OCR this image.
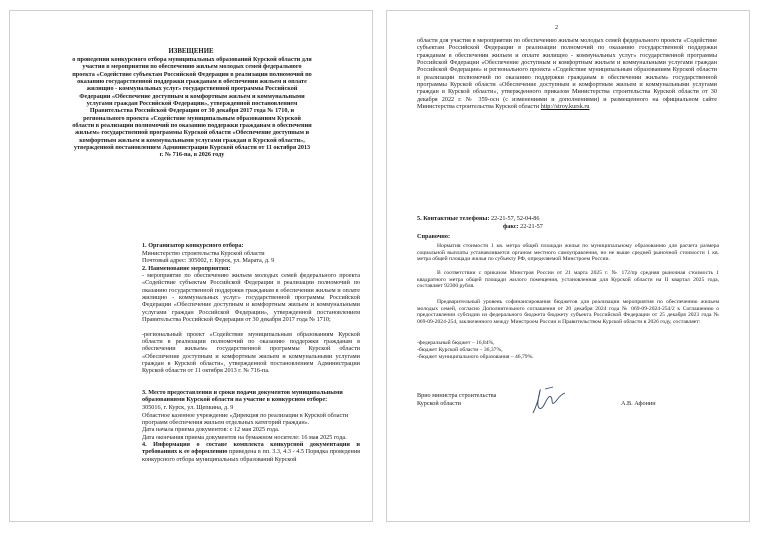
ИЗВЕЩЕНИЕ
о проведении конкурсного отбора муниципальных образований Курской области для участия в мероприятии по обеспечению жильем молодых семей федерального проекта «Содействие субъектам Российской Федерации в реализации полномочий по оказанию государственной поддержки гражданам в обеспечении жильем и оплате жилищно - коммунальных услуг» государственной программы Российской Федерации «Обеспечение доступным и комфортным жильем и коммунальными услугами граждан Российской Федерации», утвержденной постановлением Правительства Российской Федерации от 30 декабря 2017 года № 1710, и регионального проекта «Содействие муниципальным образованиям Курской области в реализации полномочий по оказанию поддержки гражданам в обеспечении жильем» государственной программы Курской области «Обеспечение доступным и комфортным жильем и коммунальными услугами граждан в Курской области», утвержденной постановлением Администрации Курской области от 11 октября 2013 г. № 716-па, в 2026 году
1. Организатор конкурсного отбора:
Министерство строительства Курской области
Почтовый адрес: 305002, г. Курск, ул. Марата, д. 9
2. Наименование мероприятия:
- мероприятие по обеспечению жильем молодых семей федерального проекта «Содействие субъектам Российской Федерации в реализации полномочий по оказанию государственной поддержки гражданам в обеспечении жильем и оплате жилищно - коммунальных услуг» государственной программы Российской Федерации «Обеспечение доступным и комфортным жильем и коммунальными услугами граждан Российской Федерации», утвержденной постановлением Правительства Российской Федерации от 30 декабря 2017 года № 1710;
-региональный проект «Содействие муниципальным образованиям Курской области в реализации полномочий по оказанию поддержки гражданам в обеспечении жильем» государственной программы Курской области «Обеспечение доступным и комфортным жильем и коммунальными услугами граждан в Курской области», утвержденной постановлением Администрации Курской области от 11 октября 2013 г. № 716-па.
3. Место предоставления и сроки подачи документов муниципальными образованиями Курской области на участие в конкурсном отборе:
305016, г. Курск, ул. Щепкина, д. 9
Областное казенное учреждение «Дирекция по реализации в Курской области программ обеспечения жильем отдельных категорий граждан».
Дата начала приема документов: с 12 мая 2025 года.
Дата окончания приема документов на бумажном носителе: 16 мая 2025 года.
4. Информация о составе комплекта конкурсной документации и требованиях к ее оформлению приведена в пп. 3.3, 4.3 - 4.5 Порядка проведения конкурсного отбора муниципальных образований Курской
2
области для участия в мероприятии по обеспечению жильем молодых семей федерального проекта «Содействие субъектам Российской Федерации в реализации полномочий по оказанию государственной поддержки гражданам в обеспечении жильем и оплате жилищно - коммунальных услуг» государственной программы Российской Федерации «Обеспечение доступным и комфортным жильем и коммунальными услугами граждан Российской Федерации» и регионального проекта «Содействие муниципальным образованиям Курской области в реализации полномочий по оказанию поддержки гражданам в обеспечении жильем» государственной программы Курской области «Обеспечение доступным и комфортным жильем и коммунальными услугами граждан в Курской области», утвержденного приказом Министерства строительства Курской области от 30 декабря 2022 г. № 359-осн (с изменениями и дополнениями) и размещенного на официальном сайте Министерства строительства Курской области http://stroy.kursk.ru
5. Контактные телефоны: 22-21-57, 52-04-86
факс: 22-21-57
Справочно:
Норматив стоимости 1 кв. метра общей площади жилья по муниципальному образованию для расчета размера социальной выплаты устанавливается органом местного самоуправления, но не выше средней рыночной стоимости 1 кв. метра общей площади жилья по субъекту РФ, определяемой Минстроем России.
В соответствии с приказом Минстроя России от 21 марта 2025 г. № 172/пр средняя рыночная стоимость 1 квадратного метра общей площади жилого помещения, установленная для Курской области на II квартал 2025 года, составляет 92300 рубля.
Предварительный уровень софинансирования бюджетов для реализации мероприятия по обеспечению жильем молодых семей, согласно Дополнительного соглашения от 20 декабря 2024 года № 069-09-2024-254/2 к Соглашению о предоставлении субсидии из федерального бюджета бюджету субъекта Российской Федерации от 25 декабря 2023 года № 069-09-2024-254, заключенного между Минстроем России и Правительством Курской области в 2026 году, составляет:
-федеральный бюджет – 16,84%,
-бюджет Курской области – 36,37%,
-бюджет муниципального образования – 46,79%.
Врио министра строительства
Курской области	А.В. Афонин
